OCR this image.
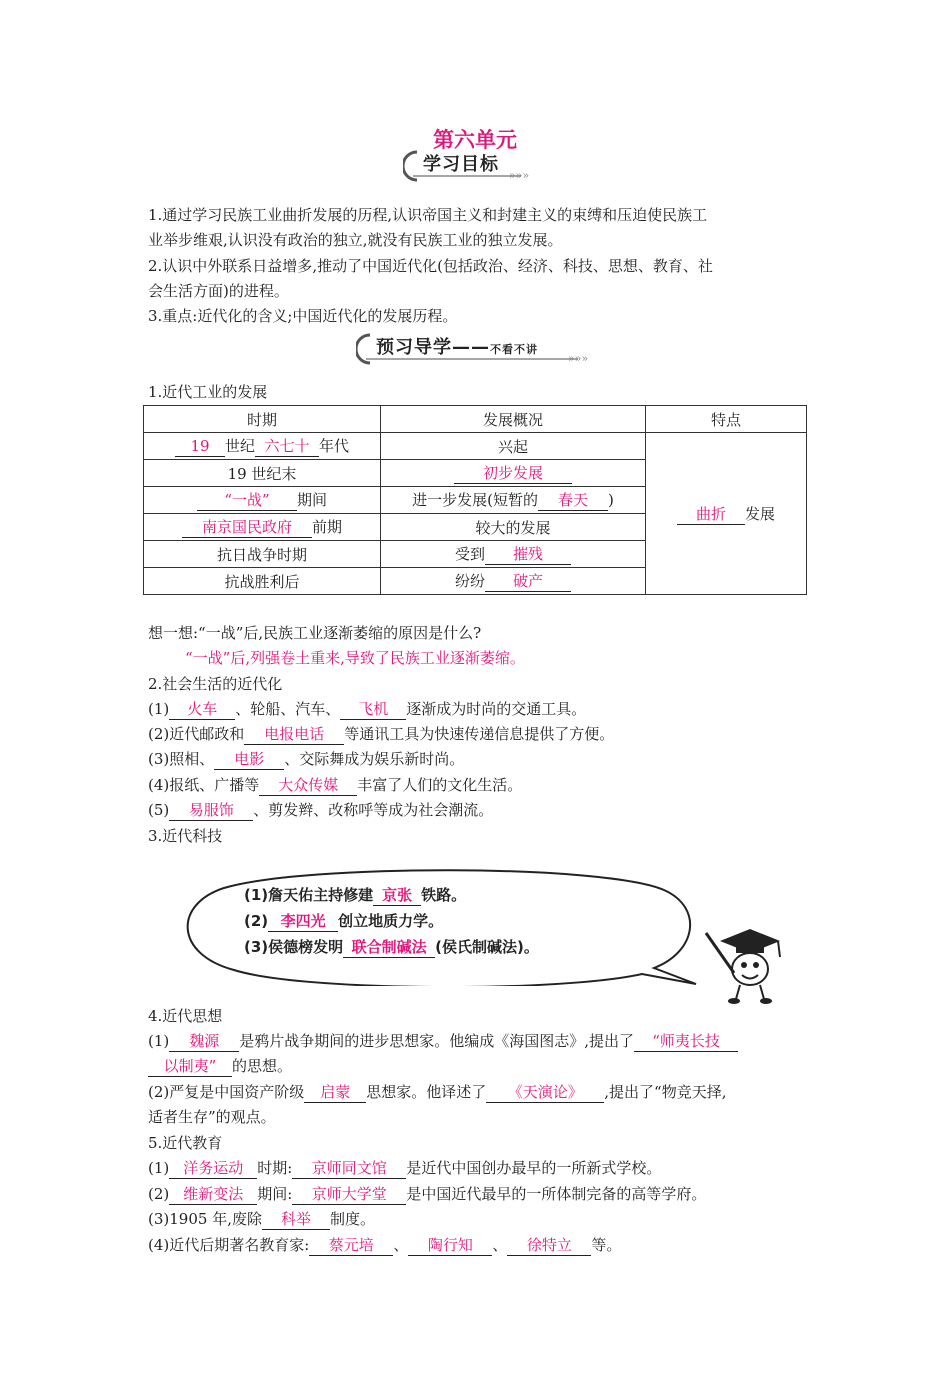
第六单元
»»»
学习目标
1.通过学习民族工业曲折发展的历程,认识帝国主义和封建主义的束缚和压迫使民族工
业举步维艰,认识没有政治的独立,就没有民族工业的独立发展。
2.认识中外联系日益增多,推动了中国近代化(包括政治、经济、科技、思想、教育、社
会生活方面)的进程。
3.重点:近代化的含义;中国近代化的发展历程。
»»»
预习导学——不看不讲
1.近代工业的发展
时期	发展概况	特点
19 世纪 六七十 年代	兴起	曲折 发展
19 世纪末	初步发展	
“一战” 期间	进一步发展(短暂的 春天 )	
南京国民政府 前期	较大的发展	
抗日战争时期	受到 摧残	
抗战胜利后	纷纷 破产	
想一想:“一战”后,民族工业逐渐萎缩的原因是什么?
“一战”后,列强卷土重来,导致了民族工业逐渐萎缩。
2.社会生活的近代化
(1) 火车 、轮船、汽车、 飞机 逐渐成为时尚的交通工具。
(2)近代邮政和 电报电话 等通讯工具为快速传递信息提供了方便。
(3)照相、 电影 、交际舞成为娱乐新时尚。
(4)报纸、广播等 大众传媒 丰富了人们的文化生活。
(5) 易服饰 、剪发辫、改称呼等成为社会潮流。
3.近代科技
(1)詹天佑主持修建 京张 铁路。
(2) 李四光 创立地质力学。
(3)侯德榜发明 联合制碱法 (侯氏制碱法)。
4.近代思想
(1) 魏源 是鸦片战争期间的进步思想家。他编成《海国图志》,提出了 “师夷长技
以制夷” 的思想。
(2)严复是中国资产阶级 启蒙 思想家。他译述了 《天演论》 ,提出了“物竞天择,
适者生存”的观点。
5.近代教育
(1) 洋务运动 时期: 京师同文馆 是近代中国创办最早的一所新式学校。
(2) 维新变法 期间: 京师大学堂 是中国近代最早的一所体制完备的高等学府。
(3)1905 年,废除 科举 制度。
(4)近代后期著名教育家: 蔡元培 、 陶行知 、 徐特立 等。
